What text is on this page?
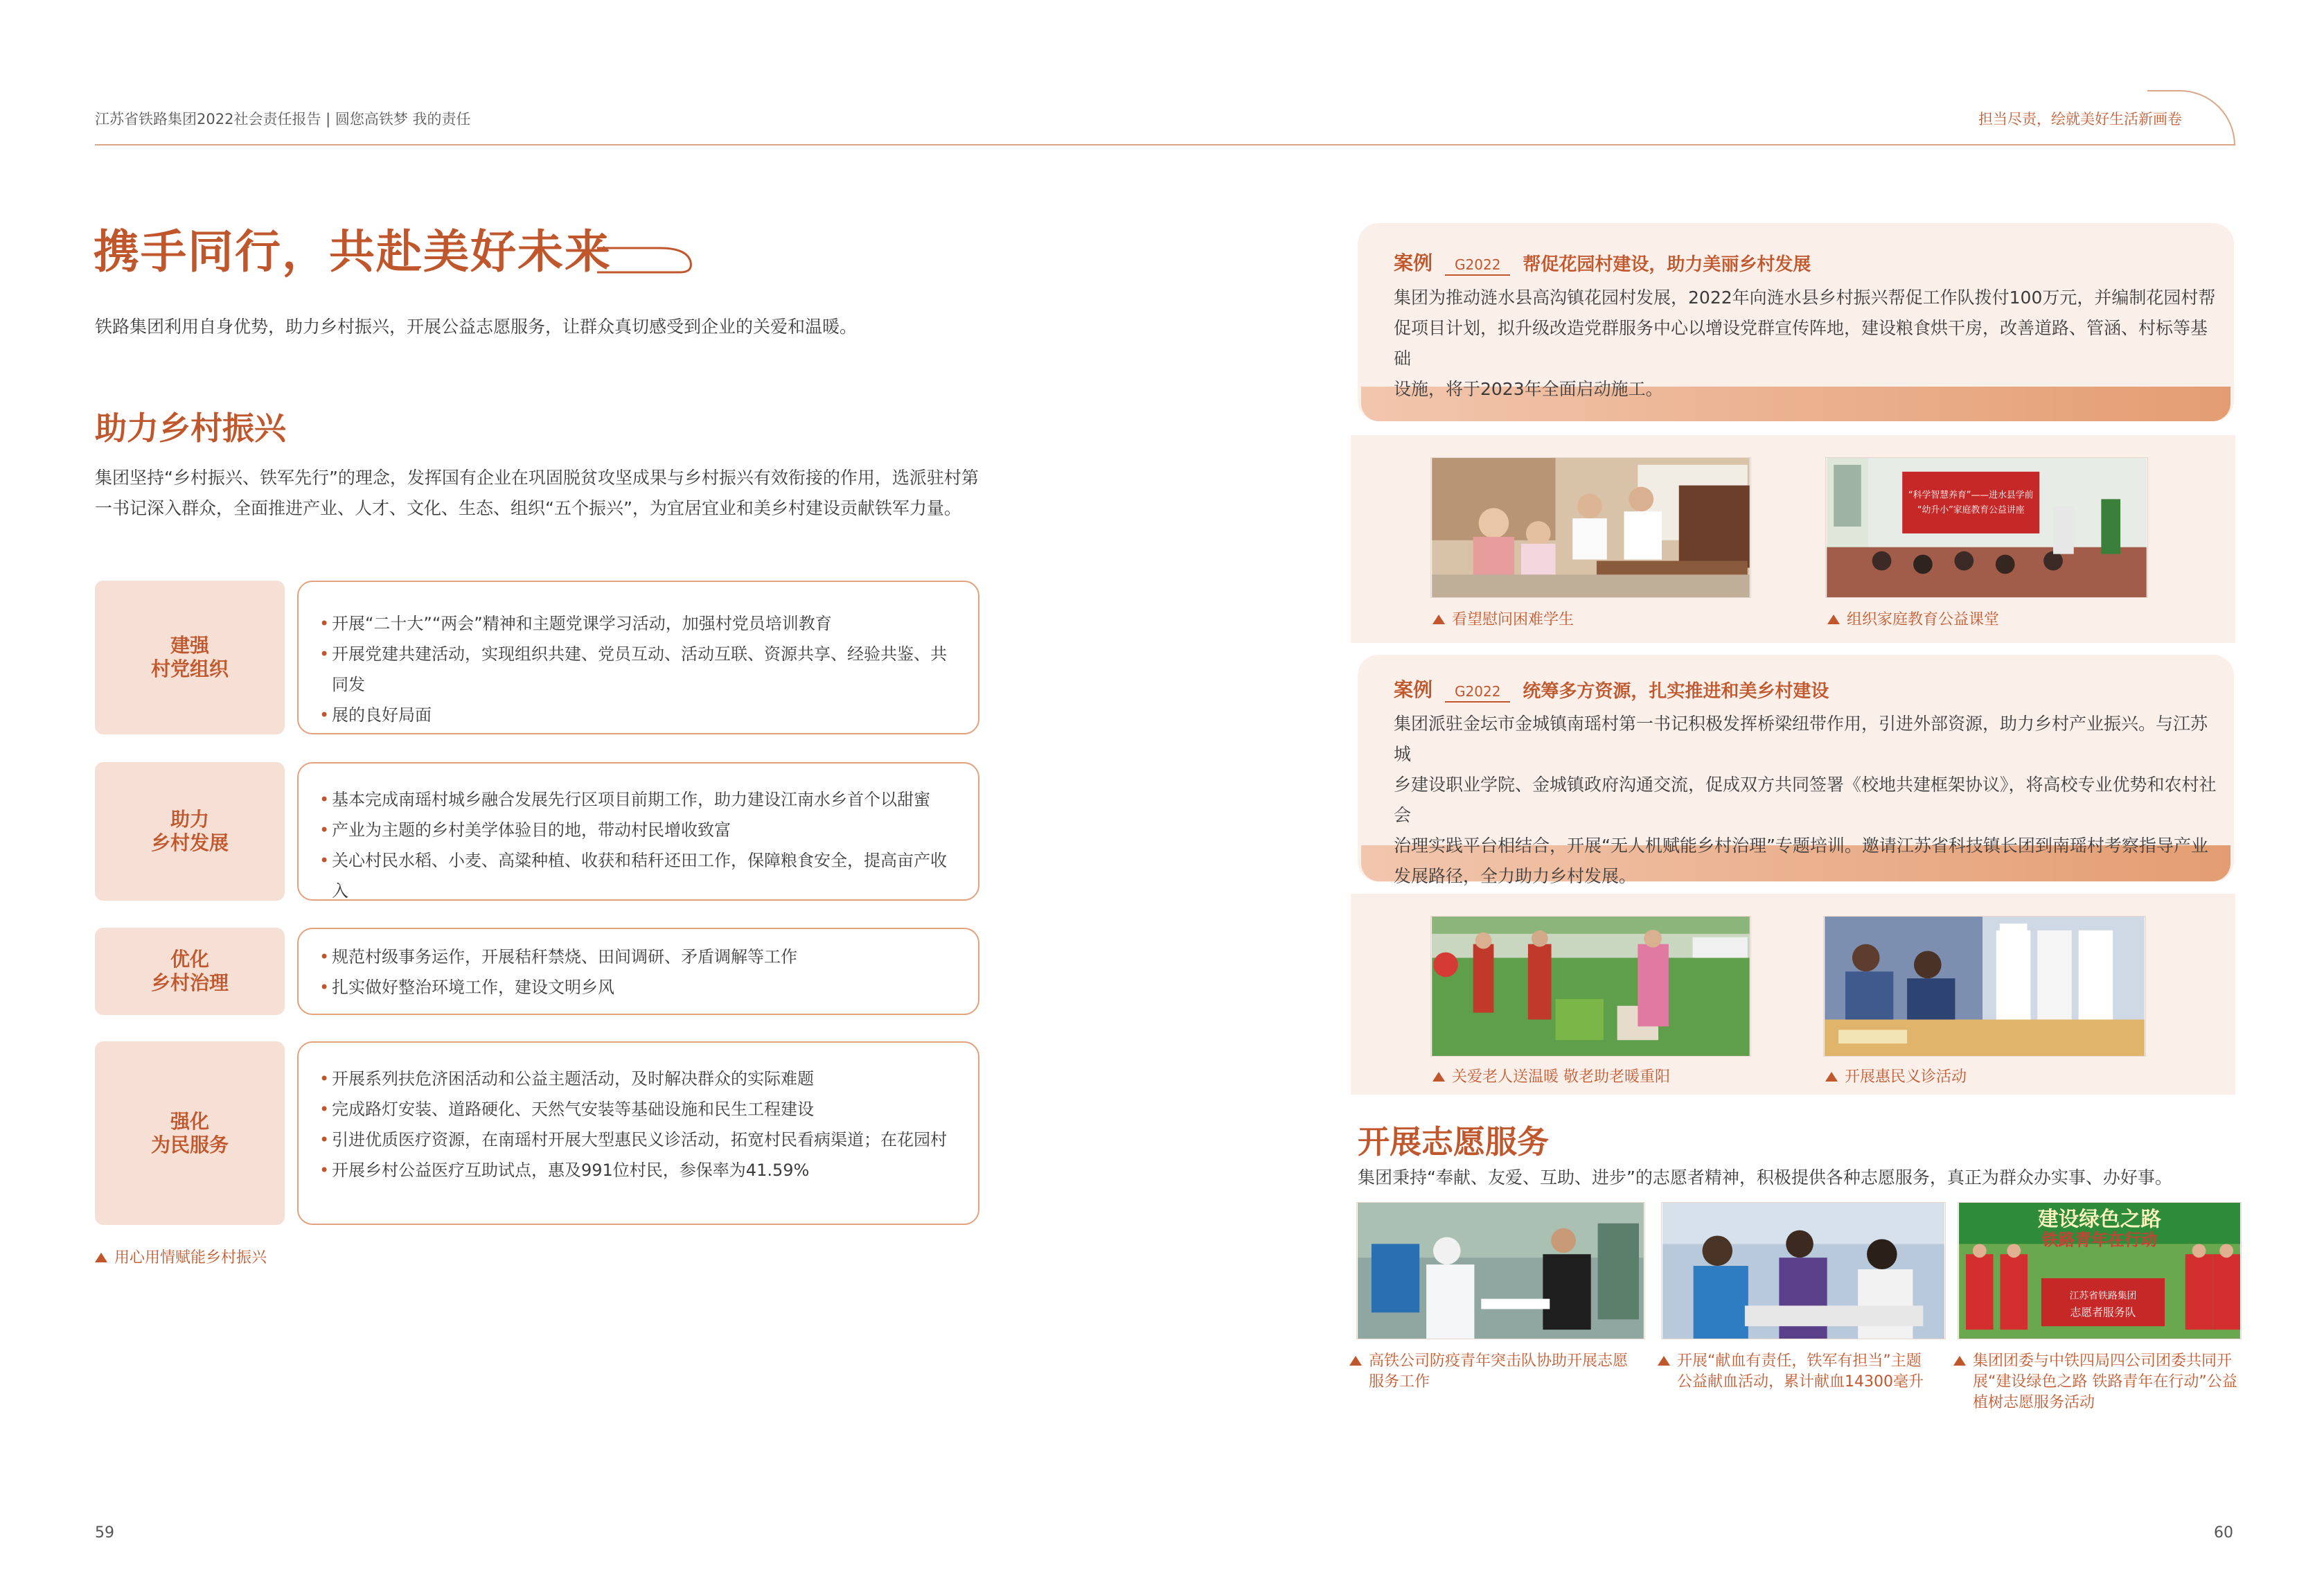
江苏省铁路集团2022社会责任报告 | 圆您高铁梦 我的责任	担当尽责，绘就美好生活新画卷
携手同行，共赴美好未来
铁路集团利用自身优势，助力乡村振兴，开展公益志愿服务，让群众真切感受到企业的关爱和温暖。
助力乡村振兴
集团坚持“乡村振兴、铁军先行”的理念，发挥国有企业在巩固脱贫攻坚成果与乡村振兴有效衔接的作用，选派驻村第
一书记深入群众，全面推进产业、人才、文化、生态、组织“五个振兴”，为宜居宜业和美乡村建设贡献铁军力量。
建强
村党组织
• 开展“二十大”“两会”精神和主题党课学习活动，加强村党员培训教育
• 开展党建共建活动，实现组织共建、党员互动、活动互联、资源共享、经验共鉴、共同发
• 展的良好局面
助力
乡村发展
• 基本完成南瑶村城乡融合发展先行区项目前期工作，助力建设江南水乡首个以甜蜜
• 产业为主题的乡村美学体验目的地，带动村民增收致富
• 关心村民水稻、小麦、高粱种植、收获和秸秆还田工作，保障粮食安全，提高亩产收入
优化
乡村治理
• 规范村级事务运作，开展秸秆禁烧、田间调研、矛盾调解等工作
• 扎实做好整治环境工作，建设文明乡风
强化
为民服务
• 开展系列扶危济困活动和公益主题活动，及时解决群众的实际难题
• 完成路灯安装、道路硬化、天然气安装等基础设施和民生工程建设
• 引进优质医疗资源，在南瑶村开展大型惠民义诊活动，拓宽村民看病渠道；在花园村
• 开展乡村公益医疗互助试点，惠及991位村民，参保率为41.59%
用心用情赋能乡村振兴
59
案例	G2022	帮促花园村建设，助力美丽乡村发展
集团为推动涟水县高沟镇花园村发展，2022年向涟水县乡村振兴帮促工作队拨付100万元，并编制花园村帮
促项目计划，拟升级改造党群服务中心以增设党群宣传阵地，建设粮食烘干房，改善道路、管涵、村标等基础
设施，将于2023年全面启动施工。
“科学智慧养育”——进水县学前
“幼升小”家庭教育公益讲座
看望慰问困难学生	组织家庭教育公益课堂
案例	G2022	统筹多方资源，扎实推进和美乡村建设
集团派驻金坛市金城镇南瑶村第一书记积极发挥桥梁纽带作用，引进外部资源，助力乡村产业振兴。与江苏城
乡建设职业学院、金城镇政府沟通交流，促成双方共同签署《校地共建框架协议》，将高校专业优势和农村社会
治理实践平台相结合，开展“无人机赋能乡村治理”专题培训。邀请江苏省科技镇长团到南瑶村考察指导产业
发展路径，全力助力乡村发展。
关爱老人送温暖 敬老助老暖重阳	开展惠民义诊活动
开展志愿服务
集团秉持“奉献、友爱、互助、进步”的志愿者精神，积极提供各种志愿服务，真正为群众办实事、办好事。
建设绿色之路
铁路青年在行动
江苏省铁路集团
志愿者服务队
高铁公司防疫青年突击队协助开展志愿
服务工作
开展“献血有责任，铁军有担当”主题
公益献血活动，累计献血14300毫升
集团团委与中铁四局四公司团委共同开
展“建设绿色之路 铁路青年在行动”公益
植树志愿服务活动
60
